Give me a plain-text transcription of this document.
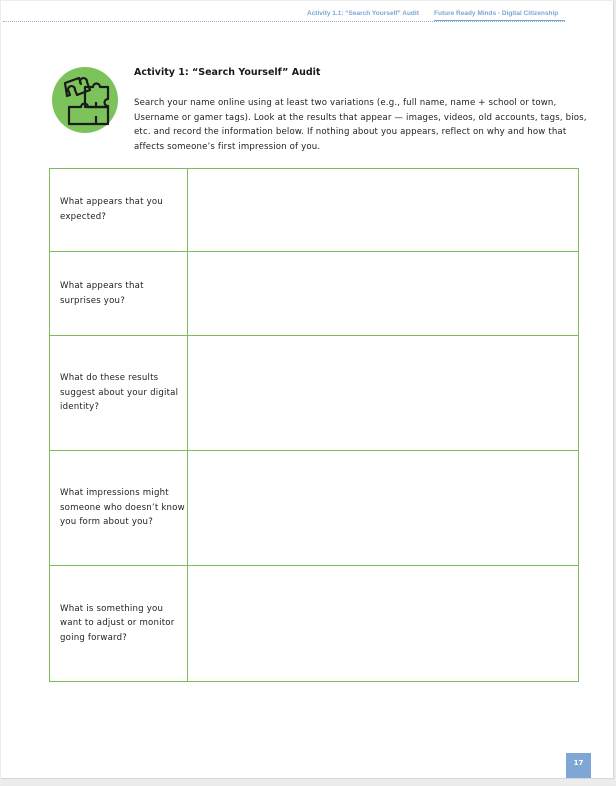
Activity 1.1: “Search Yourself” Audit Future Ready Minds - Digital Citizenship
Activity 1: “Search Yourself” Audit
Search your name online using at least two variations (e.g., full name, name + school or town, Username or gamer tags). Look at the results that appear — images, videos, old accounts, tags, bios, etc. and record the information below. If nothing about you appears, reflect on why and how that affects someone’s first impression of you.
What appears that you expected?	
What appears that surprises you?	
What do these results suggest about your digital identity?	
What impressions might someone who doesn’t know you form about you?	
What is something you want to adjust or monitor going forward?	
17
